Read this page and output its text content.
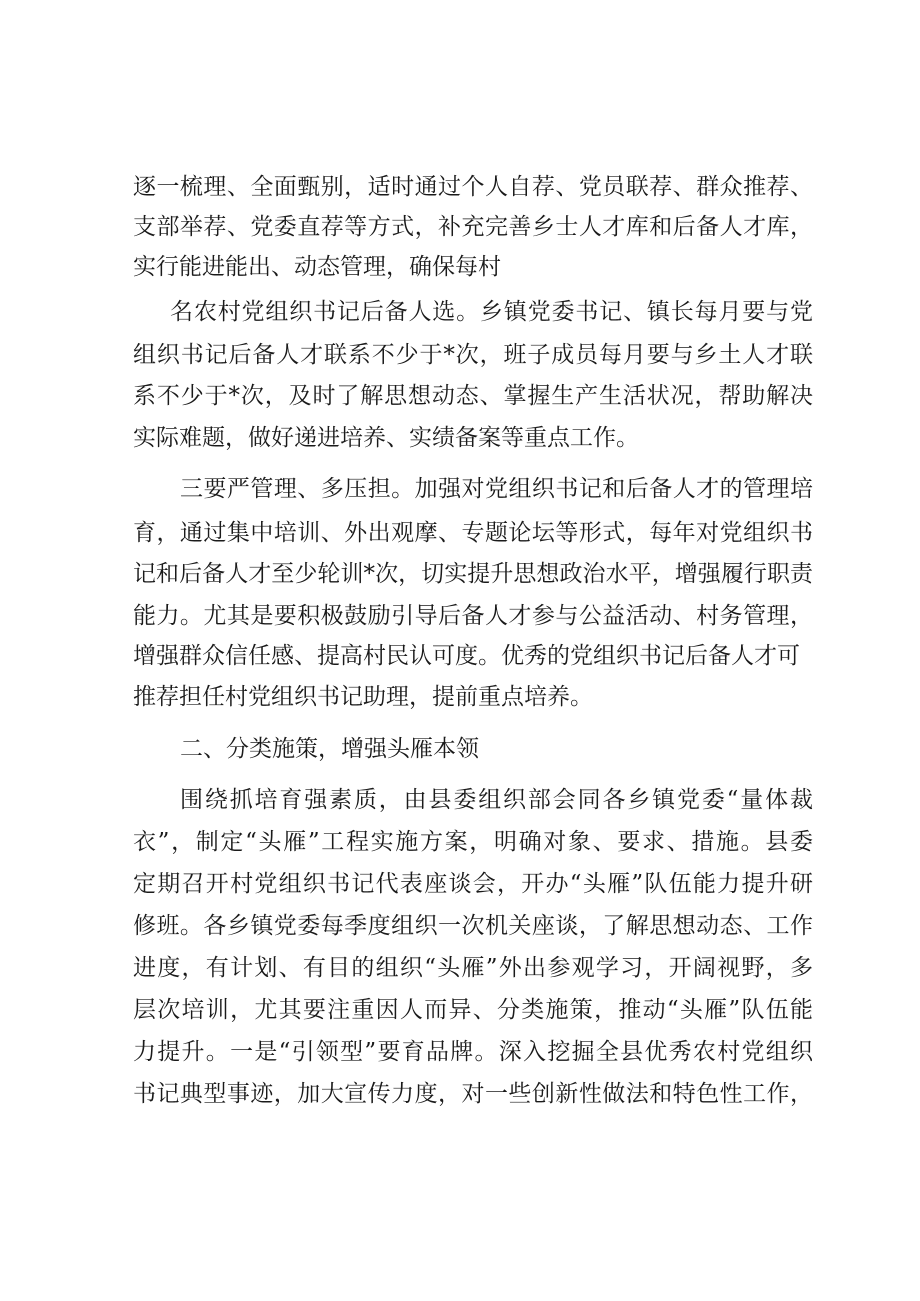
逐一梳理、全面甄别，适时通过个人自荐、党员联荐、群众推荐、
支部举荐、党委直荐等方式，补充完善乡士人才库和后备人才库，
实行能进能出、动态管理，确保每村
名农村党组织书记后备人选。乡镇党委书记、镇长每月要与党
组织书记后备人才联系不少于*次，班子成员每月要与乡土人才联
系不少于*次，及时了解思想动态、掌握生产生活状况，帮助解决
实际难题，做好递进培养、实绩备案等重点工作。
三要严管理、多压担。加强对党组织书记和后备人才的管理培
育，通过集中培训、外出观摩、专题论坛等形式，每年对党组织书
记和后备人才至少轮训*次，切实提升思想政治水平，增强履行职责
能力。尤其是要积极鼓励引导后备人才参与公益活动、村务管理，
增强群众信任感、提高村民认可度。优秀的党组织书记后备人才可
推荐担任村党组织书记助理，提前重点培养。
二、分类施策，增强头雁本领
围绕抓培育强素质，由县委组织部会同各乡镇党委“量体裁
衣”，制定“头雁”工程实施方案，明确对象、要求、措施。县委
定期召开村党组织书记代表座谈会，开办“头雁”队伍能力提升研
修班。各乡镇党委每季度组织一次机关座谈，了解思想动态、工作
进度，有计划、有目的组织“头雁”外出参观学习，开阔视野，多
层次培训，尤其要注重因人而异、分类施策，推动“头雁”队伍能
力提升。一是“引领型”要育品牌。深入挖掘全县优秀农村党组织
书记典型事迹，加大宣传力度，对一些创新性做法和特色性工作，
